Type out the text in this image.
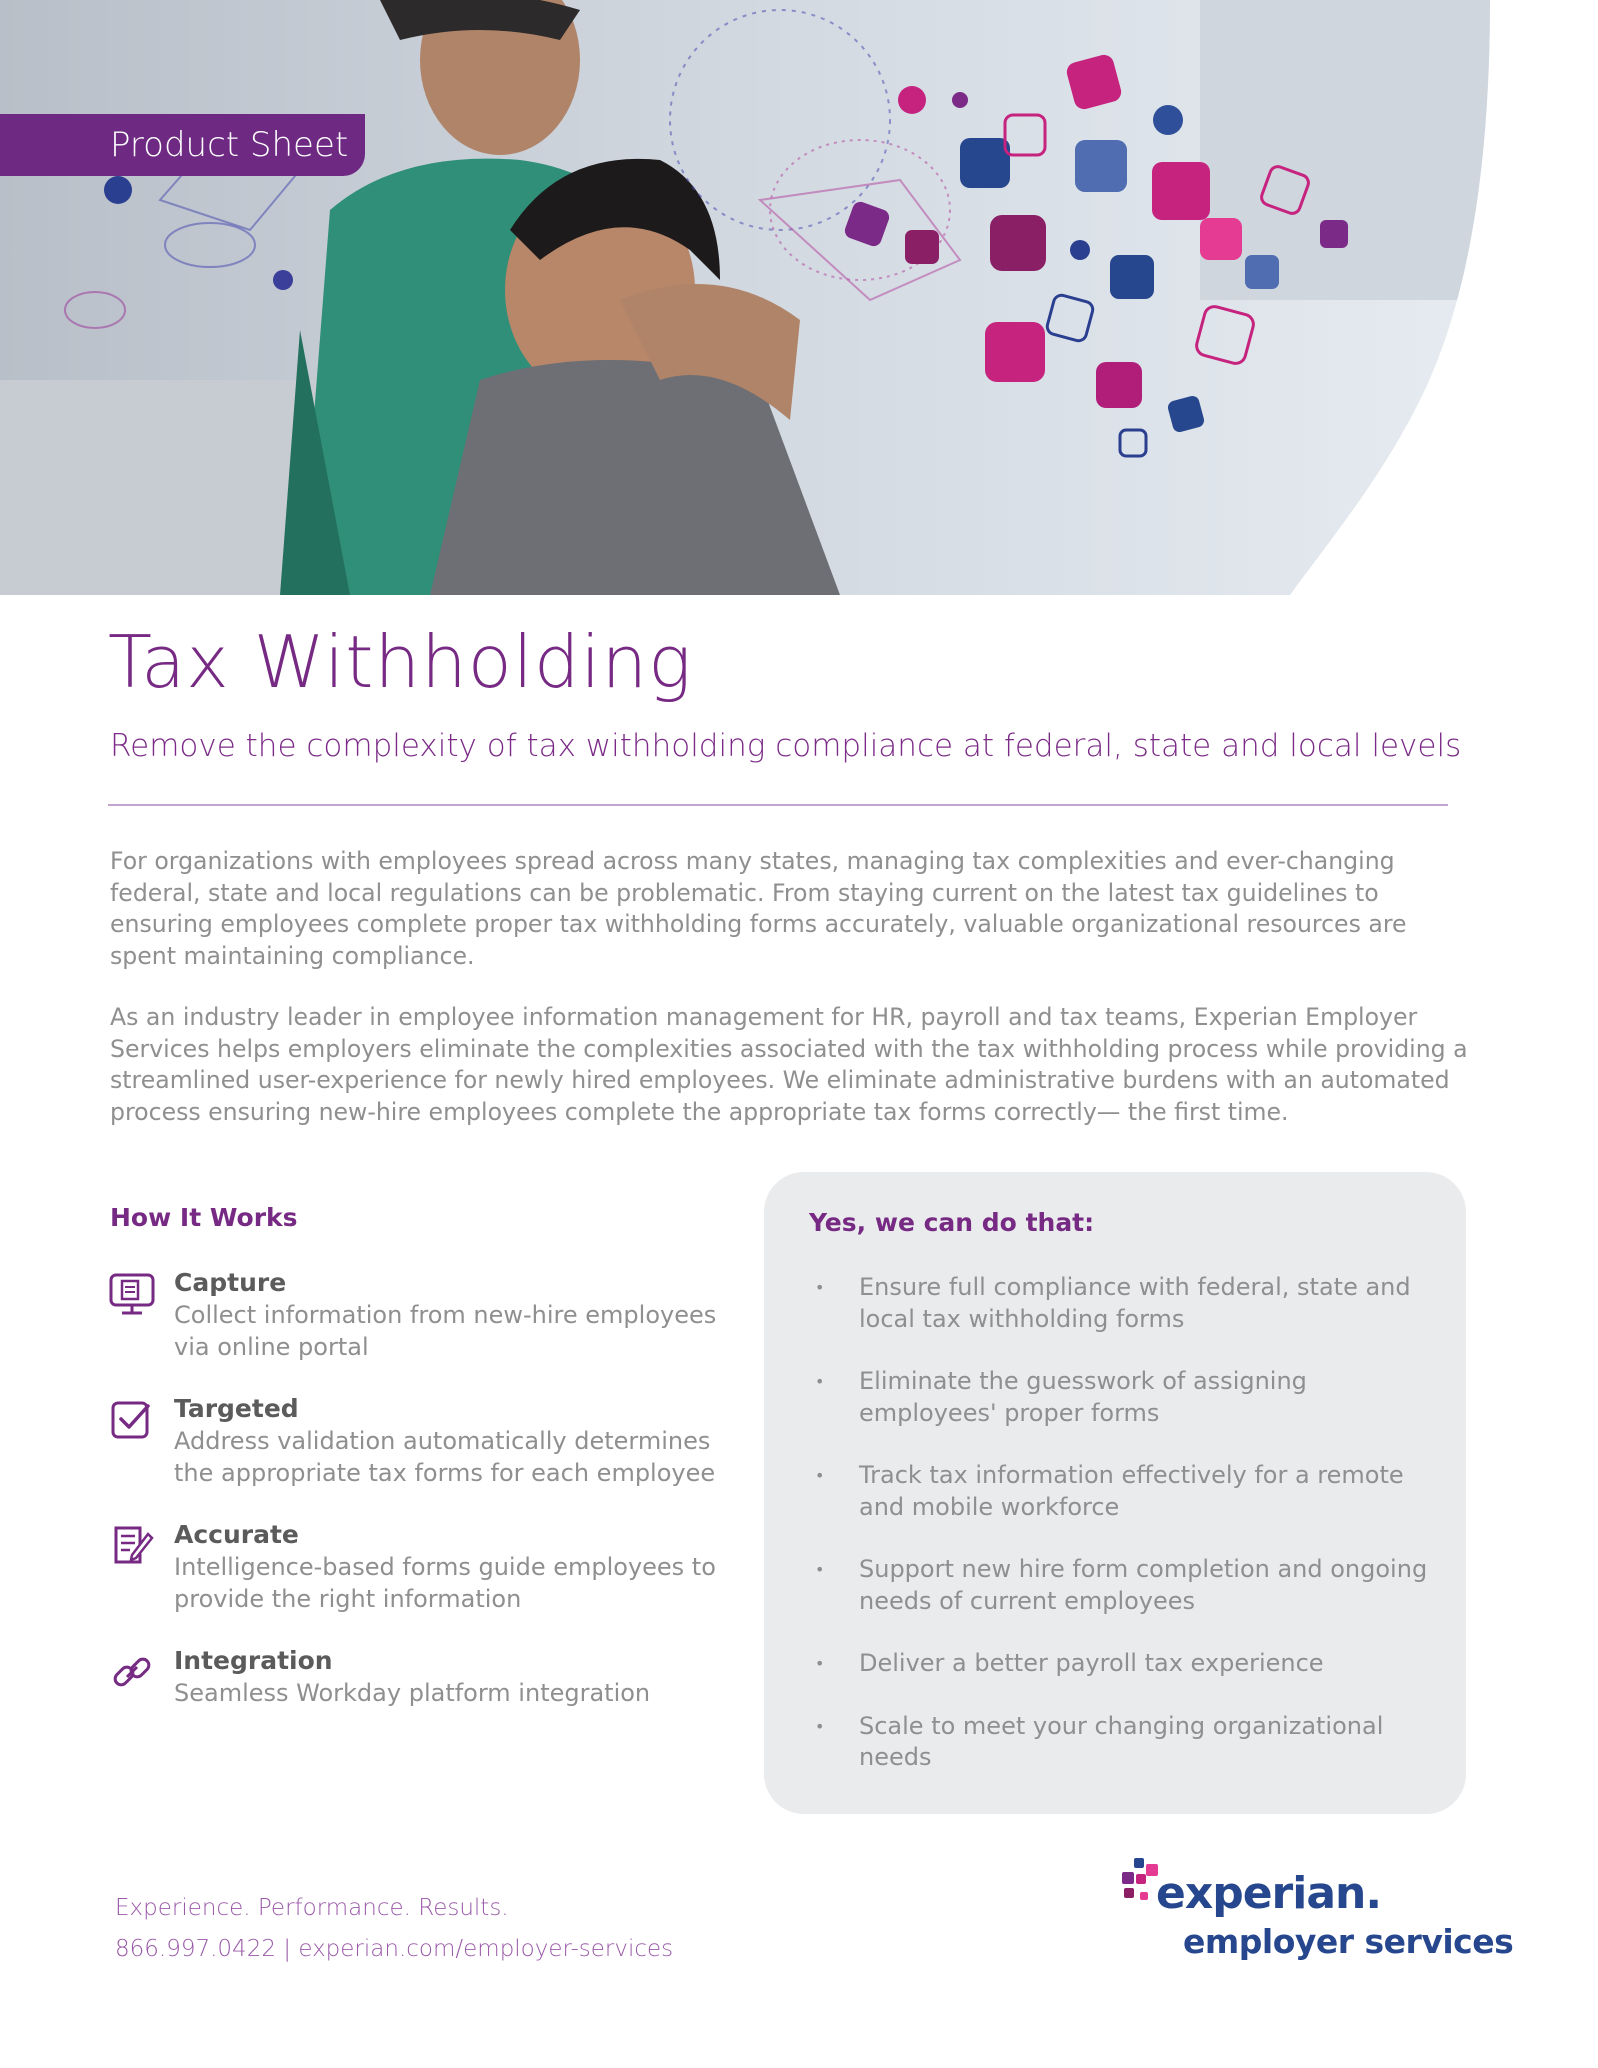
Product Sheet
Tax Withholding

Remove the complexity of tax withholding compliance at federal, state and local levels

For organizations with employees spread across many states, managing tax complexities and ever-changing federal, state and local regulations can be problematic. From staying current on the latest tax guidelines to ensuring employees complete proper tax withholding forms accurately, valuable organizational resources are spent maintaining compliance.

As an industry leader in employee information management for HR, payroll and tax teams, Experian Employer Services helps employers eliminate the complexities associated with the tax withholding process while providing a streamlined user-experience for newly hired employees. We eliminate administrative burdens with an automated process ensuring new-hire employees complete the appropriate tax forms correctly— the first time.

How It Works

Capture

Collect information from new-hire employees via online portal

Targeted

Address validation automatically determines the appropriate tax forms for each employee

Accurate

Intelligence-based forms guide employees to provide the right information

Integration

Seamless Workday platform integration

Yes, we can do that:
• Ensure full compliance with federal, state and local tax withholding forms
• Eliminate the guesswork of assigning employees' proper forms
• Track tax information effectively for a remote and mobile workforce
• Support new hire form completion and ongoing needs of current employees
• Deliver a better payroll tax experience
• Scale to meet your changing organizational needs

Experience. Performance. Results.

866.997.0422 | experian.com/employer-services

experian.
employer services
